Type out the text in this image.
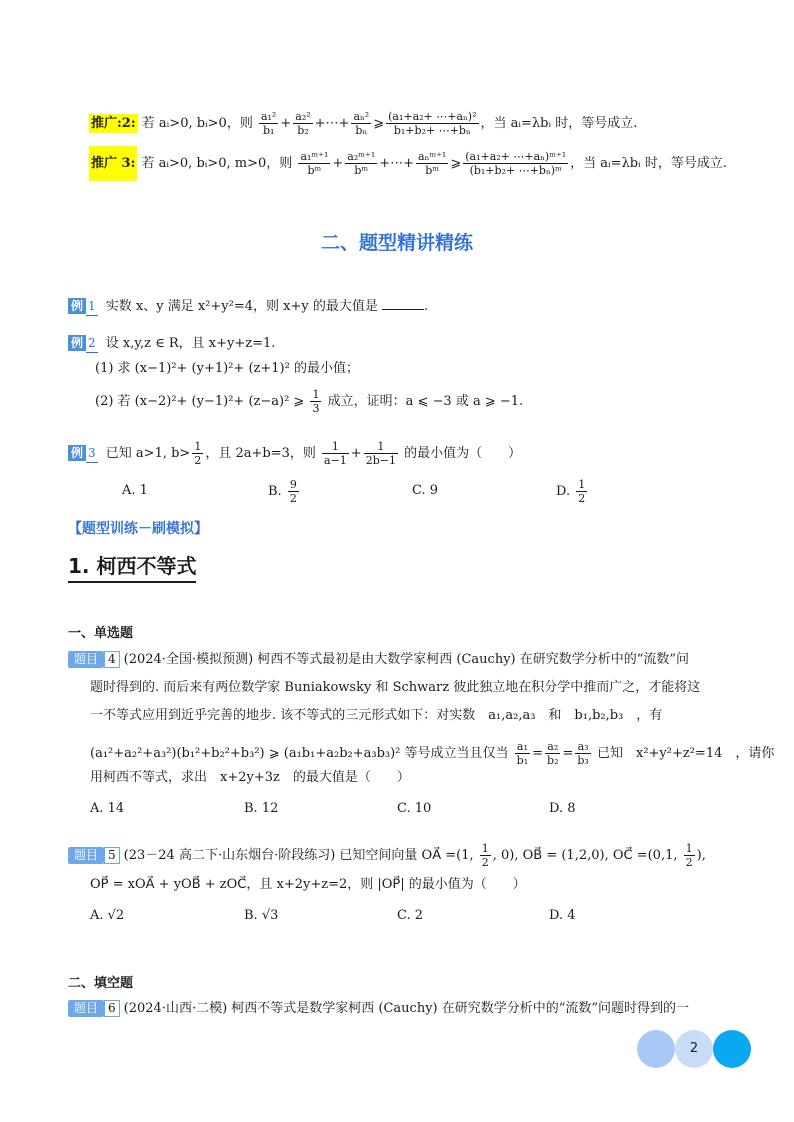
推广:2: 若 aᵢ>0, bᵢ>0，则 $\frac{\text{a₁²}}{\text{b₁}} + \frac{\text{a₂²}}{\text{b₂}}$ +⋯+ $\frac{\text{aₙ²}}{\text{bₙ}}$ ⩾ $\frac{\text{(a₁+a₂+ ⋯+aₙ)²}}{\text{b₁+b₂+ ⋯+bₙ}}$ ，当 aᵢ=λbᵢ 时，等号成立.
推广 3: 若 aᵢ>0, bᵢ>0, m>0，则 $\frac{\text{a₁ᵐ⁺¹}}{\text{bᵐ}} + \frac{\text{a₂ᵐ⁺¹}}{\text{bᵐ}}$ +⋯+ $\frac{\text{aₙᵐ⁺¹}}{\text{bᵐ}}$ ⩾ $\frac{\text{(a₁+a₂+ ⋯+aₙ)ᵐ⁺¹}}{\text{(b₁+b₂+ ⋯+bₙ)ᵐ}}$ ，当 aᵢ=λbᵢ 时，等号成立.
二、题型精讲精练
例 1 实数 x、y 满足 x²+y²=4，则 x+y 的最大值是	.
例 2 设 x,y,z ∈ R，且 x+y+z=1.
(1) 求 (x−1)²+ (y+1)²+ (z+1)² 的最小值；
(2) 若 (x−2)²+ (y−1)²+ (z−a)² ⩾ $\frac{1}{3}$ 成立，证明：a ⩽ −3 或 a ⩾ −1.
例 3 已知 a>1, $b> \frac{1}{2}$ ，且 2a+b=3，则 $\frac{1}{a-1} + \frac{1}{2b-1}$ 的最小值为（　　）
A. 1	B. $\frac{9}{2}$	C. 9	D. $\frac{1}{2}$
【题型训练－刷模拟】
1. 柯西不等式
一、单选题
题目 4 (2024·全国·模拟预测) 柯西不等式最初是由大数学家柯西 (Cauchy) 在研究数学分析中的“流数”问
题时得到的. 而后来有两位数学家 Buniakowsky 和 Schwarz 彼此独立地在积分学中推而广之，才能将这
一不等式应用到近乎完善的地步. 该不等式的三元形式如下：对实数　a₁,a₂,a₃　和　b₁,b₂,b₃　，有
(a₁²+a₂²+a₃²)(b₁²+b₂²+b₃²) ⩾ (a₁b₁+a₂b₂+a₃b₃)² 等号成立当且仅当 $\frac{\text{a₁}}{\text{b₁}} = \frac{\text{a₂}}{\text{b₂}} = \frac{\text{a₃}}{\text{b₃}}$ 已知　x²+y²+z²=14　，请你
用柯西不等式，求出　x+2y+3z　的最大值是（　　）
A. 14	B. 12	C. 10	D. 8
题目 5 (23－24 高二下·山东烟台·阶段练习) 已知空间向量 OA⃗ =(1, $\frac{1}{2}$ , 0), OB⃗ = (1,2,0), OC⃗ =(0,1, $\frac{1}{2}$ ),
OP⃗ = xOA⃗ + yOB⃗ + zOC⃗，且 x+2y+z=2，则 |OP⃗| 的最小值为（　　）
A. √2	B. √3	C. 2	D. 4
二、填空题
题目 6 (2024·山西·二模) 柯西不等式是数学家柯西 (Cauchy) 在研究数学分析中的“流数”问题时得到的一
2
